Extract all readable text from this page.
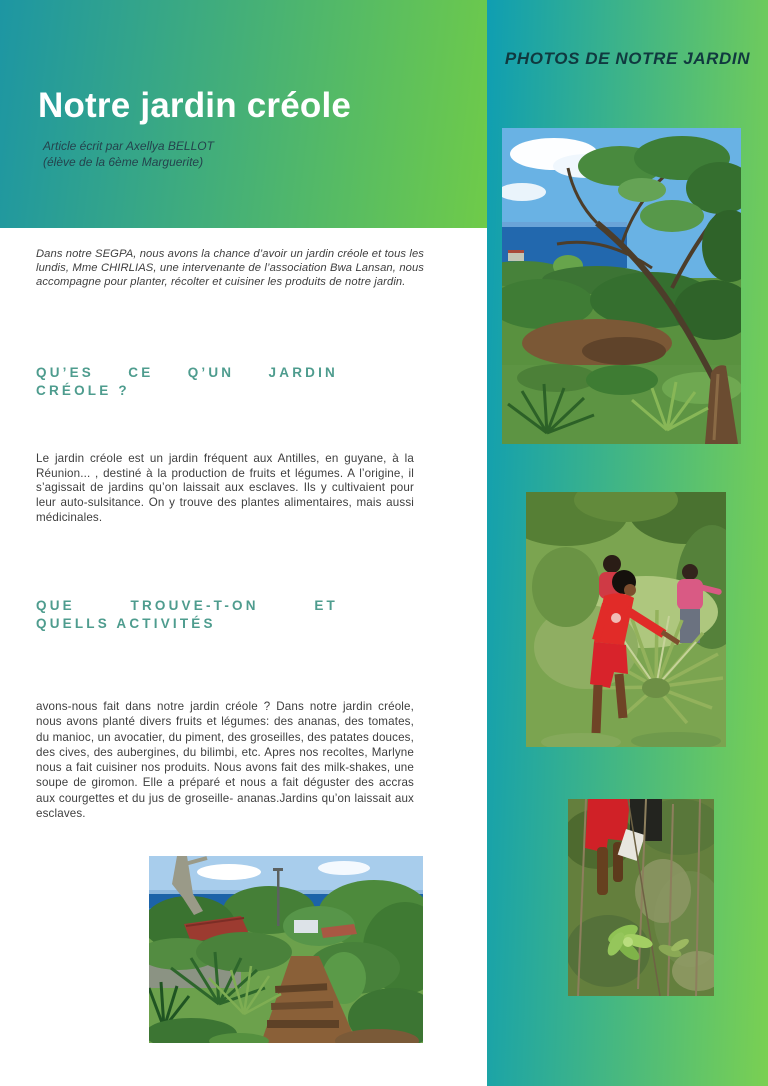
Notre jardin créole

Article écrit par Axellya BELLOT
(élève de la 6ème Marguerite)

PHOTOS DE NOTRE JARDIN

Dans notre SEGPA, nous avons la chance d’avoir un jardin créole et tous les lundis, Mme CHIRLIAS, une intervenante de l’association Bwa Lansan, nous accompagne pour planter, récolter et cuisiner les produits de notre jardin.

QU’ES CE Q’UN JARDIN
CRÉOLE ?

Le jardin créole est un jardin fréquent aux Antilles, en guyane, à la Réunion... , destiné à la production de fruits et légumes. A l’origine, il s’agissait de jardins qu’on laissait aux esclaves. Ils y cultivaient pour leur auto-sulsitance. On y trouve des plantes alimentaires, mais aussi médicinales.

QUE TROUVE-T-ON ET
QUELLS ACTIVITÉS

avons-nous fait dans notre jardin créole ? Dans notre jardin créole, nous avons planté divers fruits et légumes: des ananas, des tomates, du manioc, un avocatier, du piment, des groseilles, des patates douces, des cives, des aubergines, du bilimbi, etc. Apres nos recoltes, Marlyne nous a fait cuisiner nos produits. Nous avons fait des milk-shakes, une soupe de giromon. Elle a préparé et nous a fait déguster des accras aux courgettes et du jus de groseille- ananas.Jardins qu’on laissait aux esclaves.
